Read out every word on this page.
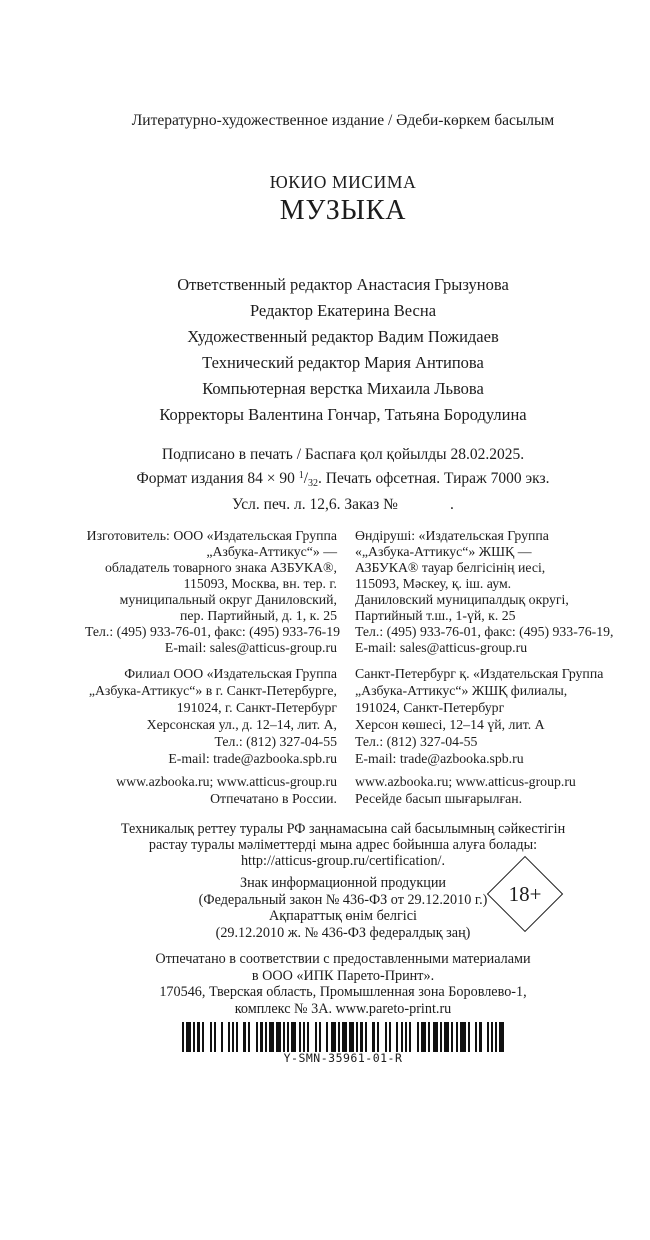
Литературно-художественное издание / Әдеби-көркем басылым
ЮКИО МИСИМА
МУЗЫКА
Ответственный редактор Анастасия Грызунова
Редактор Екатерина Весна
Художественный редактор Вадим Пожидаев
Технический редактор Мария Антипова
Компьютерная верстка Михаила Львова
Корректоры Валентина Гончар, Татьяна Бородулина
Подписано в печать / Баспаға қол қойылды 28.02.2025.
Формат издания 84 × 90 $^1/_{32}$. Печать офсетная. Тираж 7000 экз.
Усл. печ. л. 12,6. Заказ №	.
Изготовитель: ООО «Издательская Группа
„Азбука-Аттикус“» —
обладатель товарного знака АЗБУКА®,
115093, Москва, вн. тер. г.
муниципальный округ Даниловский,
пер. Партийный, д. 1, к. 25
Тел.: (495) 933-76-01, факс: (495) 933-76-19
E-mail: sales@atticus-group.ru
Өндіруші: «Издательская Группа
«„Азбука-Аттикус“» ЖШҚ —
АЗБУКА® тауар белгісінің иесі,
115093, Мәскеу, қ. іш. аум.
Даниловский муниципалдық округі,
Партийный т.ш., 1-үй, к. 25
Тел.: (495) 933-76-01, факс: (495) 933-76-19,
E-mail: sales@atticus-group.ru
Филиал ООО «Издательская Группа
„Азбука-Аттикус“» в г. Санкт-Петербурге,
191024, г. Санкт-Петербург
Херсонская ул., д. 12–14, лит. А,
Тел.: (812) 327-04-55
E-mail: trade@azbooka.spb.ru
Санкт-Петербург қ. «Издательская Группа
„Азбука-Аттикус“» ЖШҚ филиалы,
191024, Санкт-Петербург
Херсон көшесі, 12–14 үй, лит. А
Тел.: (812) 327-04-55
E-mail: trade@azbooka.spb.ru
www.azbooka.ru; www.atticus-group.ru
Отпечатано в России.
www.azbooka.ru; www.atticus-group.ru
Ресейде басып шығарылған.
Техникалық реттеу туралы РФ заңнамасына сай басылымның сәйкестігін
растау туралы мәліметтерді мына адрес бойынша алуға болады:
http://atticus-group.ru/certification/.
Знак информационной продукции
(Федеральный закон № 436-ФЗ от 29.12.2010 г.)
Ақпараттық өнім белгісі
(29.12.2010 ж. № 436-ФЗ федералдық заң)
18+
Отпечатано в соответствии с предоставленными материалами
в ООО «ИПК Парето-Принт».
170546, Тверская область, Промышленная зона Боровлево-1,
комплекс № 3А. www.pareto-print.ru
Y-SMN-35961-01-R
